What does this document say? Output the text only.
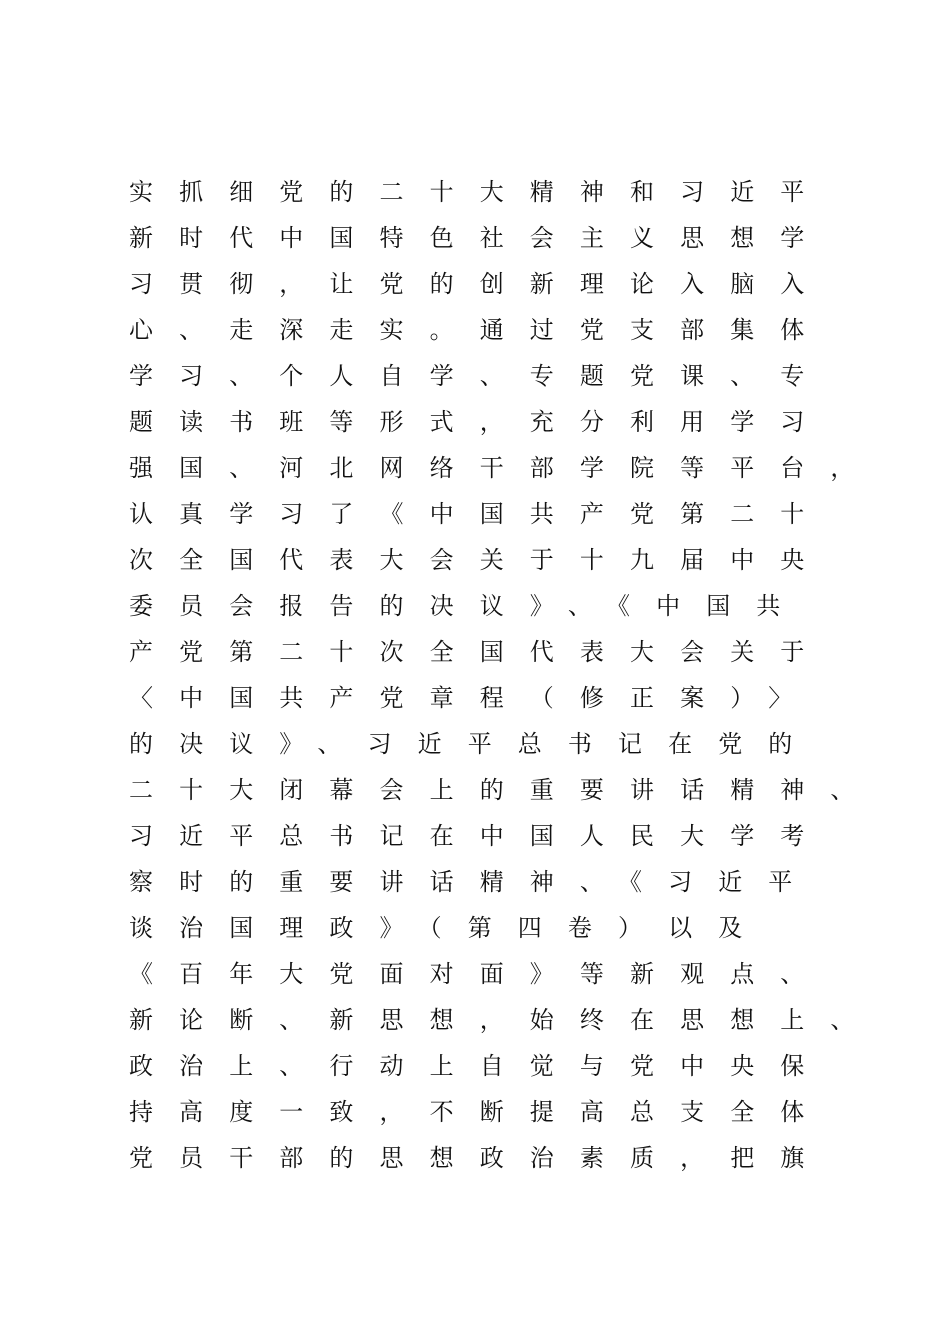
实抓细党的二十大精神和习近平
新时代中国特色社会主义思想学
习贯彻，让党的创新理论入脑入
心、走深走实。通过党支部集体
学习、个人自学、专题党课、专
题读书班等形式，充分利用学习
强国、河北网络干部学院等平台，
认真学习了《中国共产党第二十
次全国代表大会关于十九届中央
委员会报告的决议》、《中国共
产党第二十次全国代表大会关于
〈中国共产党章程（修正案）〉
的决议》、习近平总书记在党的
二十大闭幕会上的重要讲话精神、
习近平总书记在中国人民大学考
察时的重要讲话精神、《习近平
谈治国理政》（第四卷）以及
《百年大党面对面》等新观点、
新论断、新思想，始终在思想上、
政治上、行动上自觉与党中央保
持高度一致，不断提高总支全体
党员干部的思想政治素质，把旗
